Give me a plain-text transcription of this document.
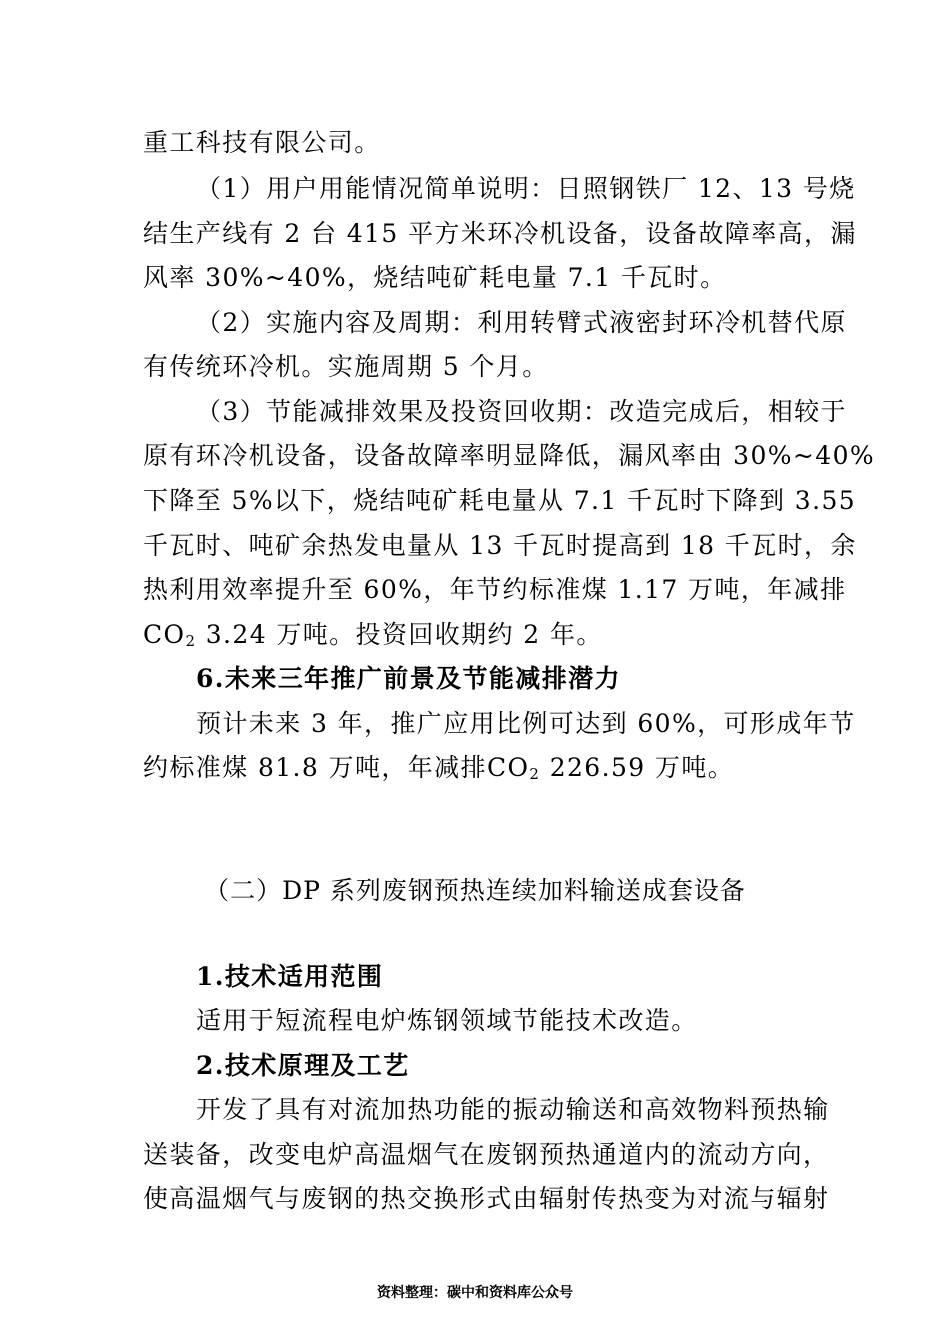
重工科技有限公司。
（1）用户用能情况简单说明：日照钢铁厂 12、13 号烧
结生产线有 2 台 415 平方米环冷机设备，设备故障率高，漏
风率 30%~40%，烧结吨矿耗电量 7.1 千瓦时。
（2）实施内容及周期：利用转臂式液密封环冷机替代原
有传统环冷机。实施周期 5 个月。
（3）节能减排效果及投资回收期：改造完成后，相较于
原有环冷机设备，设备故障率明显降低，漏风率由 30%~40%
下降至 5%以下，烧结吨矿耗电量从 7.1 千瓦时下降到 3.55
千瓦时、吨矿余热发电量从 13 千瓦时提高到 18 千瓦时，余
热利用效率提升至 60%，年节约标准煤 1.17 万吨，年减排
$CO_2$ 3.24 万吨。投资回收期约 2 年。
6.未来三年推广前景及节能减排潜力
预计未来 3 年，推广应用比例可达到 60%，可形成年节
约标准煤 81.8 万吨，年减排$CO_2$ 226.59 万吨。
（二）DP 系列废钢预热连续加料输送成套设备
1.技术适用范围
适用于短流程电炉炼钢领域节能技术改造。
2.技术原理及工艺
开发了具有对流加热功能的振动输送和高效物料预热输
送装备，改变电炉高温烟气在废钢预热通道内的流动方向，
使高温烟气与废钢的热交换形式由辐射传热变为对流与辐射
资料整理：碳中和资料库公众号
